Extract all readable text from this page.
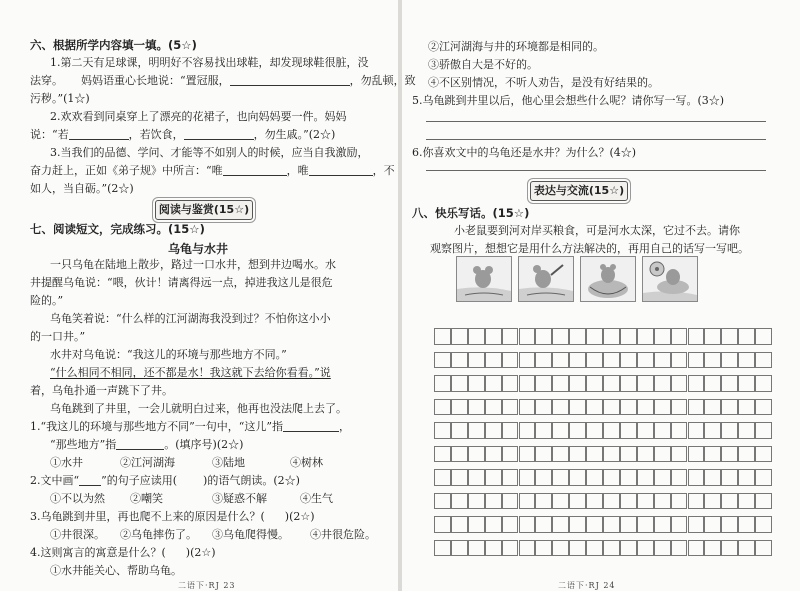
六、根据所学内容填一填。(5☆)
1.第二天有足球课，明明好不容易找出球鞋，却发现球鞋很脏，没
法穿。 妈妈语重心长地说：“置冠服，	，勿乱顿，致
污秽。”(1☆)
2.欢欢看到同桌穿上了漂亮的花裙子，也向妈妈要一件。妈妈
说：“若	，若饮食，	，勿生戚。”(2☆)
3.当我们的品德、学问、才能等不如别人的时候，应当自我激励，
奋力赶上，正如《弟子规》中所言：“唯	，唯	，不
如人，当自砺。”(2☆)
阅读与鉴赏(15☆)
七、阅读短文，完成练习。(15☆)
乌龟与水井
一只乌龟在陆地上散步，路过一口水井，想到井边喝水。水
井提醒乌龟说：“喂，伙计！请离得远一点，掉进我这儿是很危
险的。”
乌龟笑着说：“什么样的江河湖海我没到过？不怕你这小小
的一口井。”
水井对乌龟说：“我这儿的环境与那些地方不同。”
“什么相同不相同，还不都是水！我这就下去给你看看。”说
着，乌龟扑通一声跳下了井。
乌龟跳到了井里，一会儿就明白过来，他再也没法爬上去了。
1.“我这儿的环境与那些地方不同”一句中，“这儿”指	，
“那些地方”指	。(填序号)(2☆)
①水井	②江河湖海	③陆地	④树林
2.文中画“ ”的句子应读用( )的语气朗读。(2☆)
①不以为然 ②嘲笑	③疑惑不解	④生气
3.乌龟跳到井里，再也爬不上来的原因是什么？( )(2☆)
①井很深。 ②乌龟摔伤了。 ③乌龟爬得慢。 ④井很危险。
4.这则寓言的寓意是什么？( )(2☆)
①水井能关心、帮助乌龟。
二语下·RJ 23
②江河湖海与井的环境都是相同的。
③骄傲自大是不好的。
④不区别情况，不听人劝告，是没有好结果的。
5.乌龟跳到井里以后，他心里会想些什么呢？请你写一写。(3☆)
6.你喜欢文中的乌龟还是水井？为什么？(4☆)
表达与交流(15☆)
八、快乐写话。(15☆)
小老鼠要到河对岸买粮食，可是河水太深，它过不去。请你
观察图片，想想它是用什么方法解决的，再用自己的话写一写吧。
二语下·RJ 24
